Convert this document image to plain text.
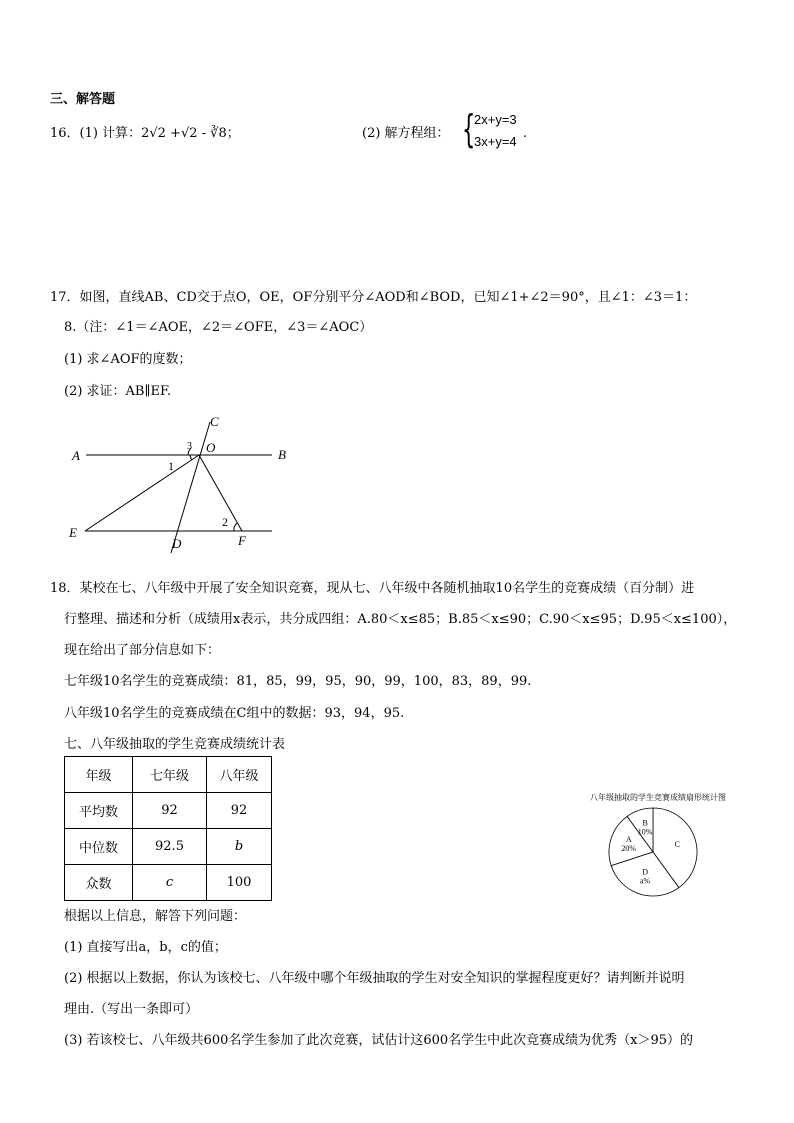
三、解答题
16．(1) 计算：2√2 +√2 - ∛8；	(2) 解方程组： {
2x+y=3
3x+y=4
.
17．如图，直线AB、CD交于点O，OE，OF分别平分∠AOD和∠BOD，已知∠1+∠2＝90°，且∠1：∠3＝1：
8.（注：∠1＝∠AOE，∠2＝∠OFE，∠3＝∠AOC）
(1) 求∠AOF的度数；
(2) 求证：AB∥EF.
C
O
3
A	B
1
2
E
D	F
18．某校在七、八年级中开展了安全知识竞赛，现从七、八年级中各随机抽取10名学生的竞赛成绩（百分制）进
行整理、描述和分析（成绩用x表示，共分成四组：A.80＜x≤85；B.85＜x≤90；C.90＜x≤95；D.95＜x≤100），
现在给出了部分信息如下：
七年级10名学生的竞赛成绩：81，85，99，95，90，99，100，83，89，99.
八年级10名学生的竞赛成绩在C组中的数据：93，94，95.
七、八年级抽取的学生竞赛成绩统计表
年级	七年级	八年级
平均数	92	92
中位数	92.5	b
众数	c	100
八年级抽取的学生竞赛成绩扇形统计图
C
D
a%
A
20%
B
10%
根据以上信息，解答下列问题：
(1) 直接写出a，b，c的值；
(2) 根据以上数据，你认为该校七、八年级中哪个年级抽取的学生对安全知识的掌握程度更好？请判断并说明
理由.（写出一条即可）
(3) 若该校七、八年级共600名学生参加了此次竞赛，试估计这600名学生中此次竞赛成绩为优秀（x＞95）的
